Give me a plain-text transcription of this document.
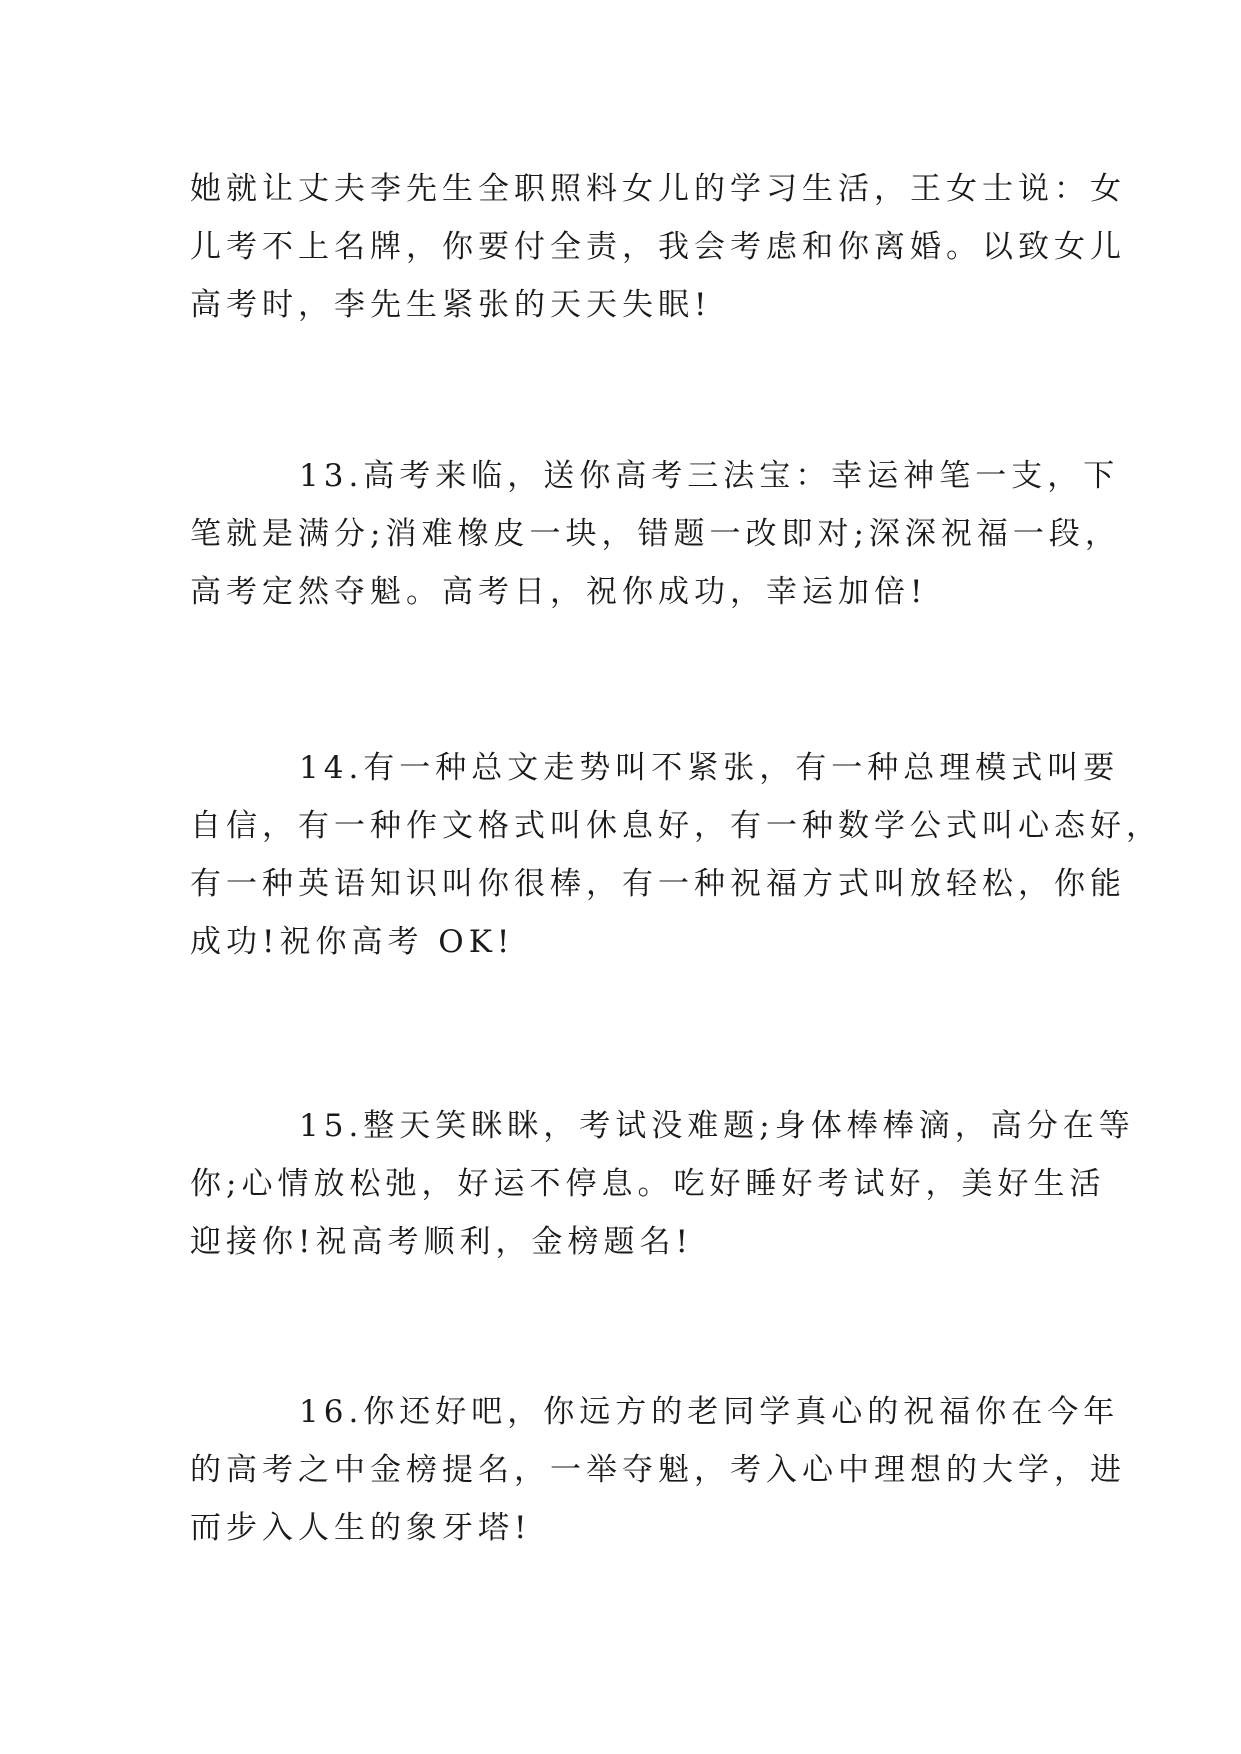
她就让丈夫李先生全职照料女儿的学习生活，王女士说：女
儿考不上名牌，你要付全责，我会考虑和你离婚。以致女儿
高考时，李先生紧张的天天失眠!
13.高考来临，送你高考三法宝：幸运神笔一支，下
笔就是满分;消难橡皮一块，错题一改即对;深深祝福一段，
高考定然夺魁。高考日，祝你成功，幸运加倍!
14.有一种总文走势叫不紧张，有一种总理模式叫要
自信，有一种作文格式叫休息好，有一种数学公式叫心态好，
有一种英语知识叫你很棒，有一种祝福方式叫放轻松，你能
成功!祝你高考 OK!
15.整天笑眯眯，考试没难题;身体棒棒滴，高分在等
你;心情放松弛，好运不停息。吃好睡好考试好，美好生活
迎接你!祝高考顺利，金榜题名!
16.你还好吧，你远方的老同学真心的祝福你在今年
的高考之中金榜提名，一举夺魁，考入心中理想的大学，进
而步入人生的象牙塔!
